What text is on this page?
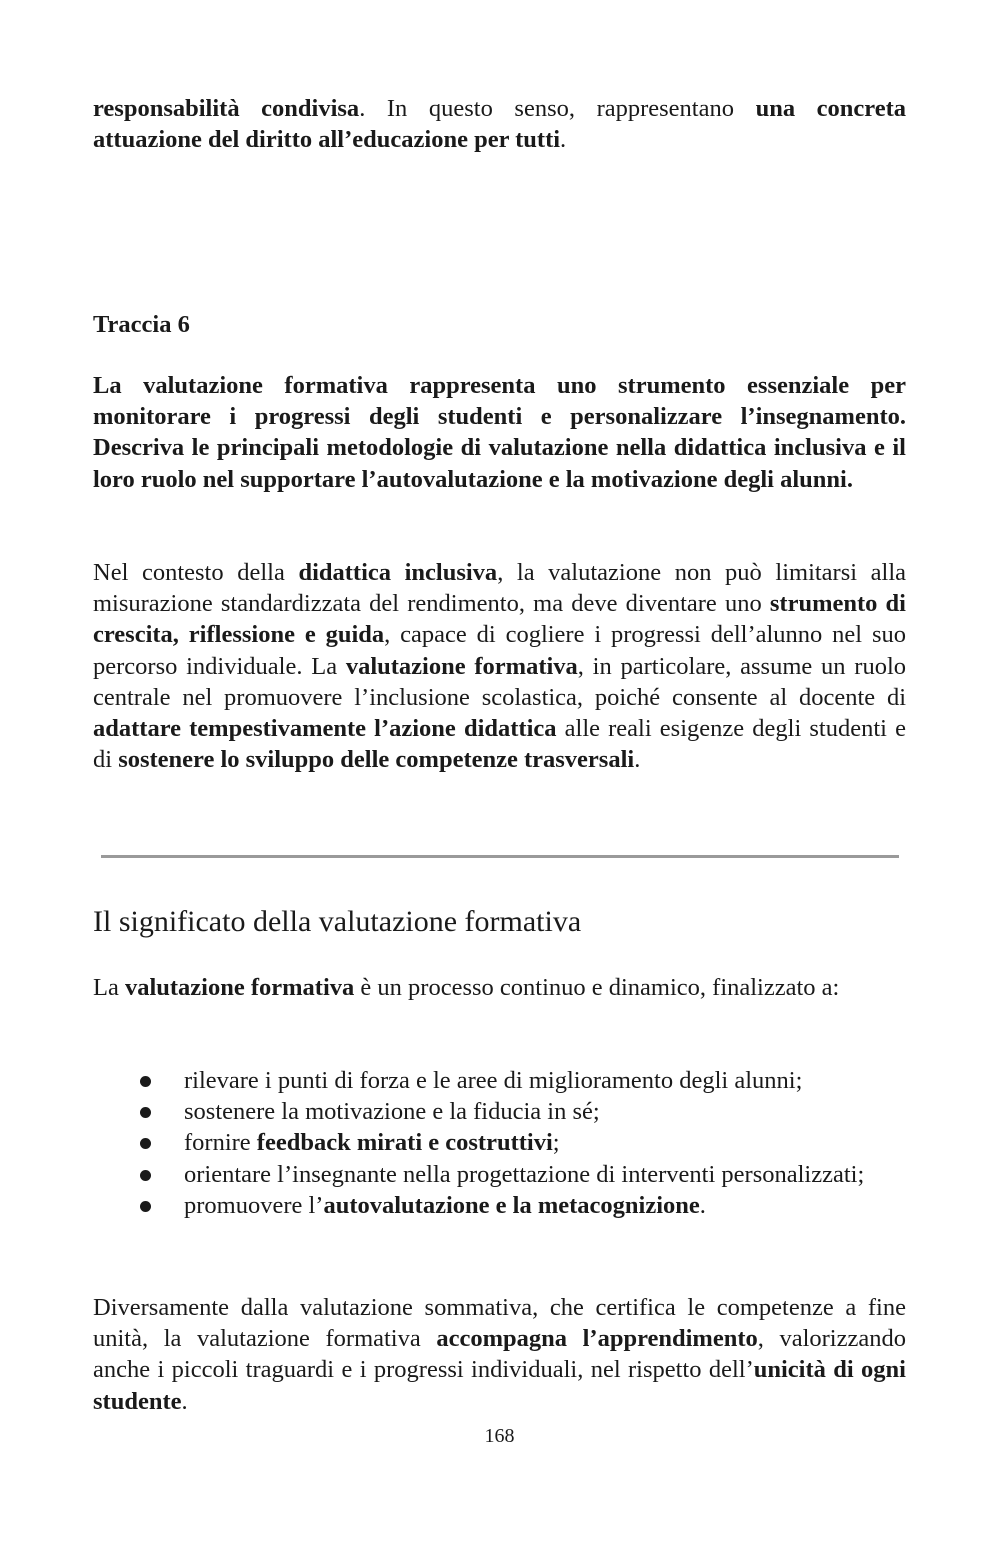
responsabilità condivisa. In questo senso, rappresentano una concreta attuazione del diritto all’educazione per tutti.

Traccia 6

La valutazione formativa rappresenta uno strumento essenziale per monitorare i progressi degli studenti e personalizzare l’insegnamento. Descriva le principali metodologie di valutazione nella didattica inclusiva e il loro ruolo nel supportare l’autovalutazione e la motivazione degli alunni.

Nel contesto della didattica inclusiva, la valutazione non può limitarsi alla misurazione standardizzata del rendimento, ma deve diventare uno strumento di crescita, riflessione e guida, capace di cogliere i progressi dell’alunno nel suo percorso individuale. La valutazione formativa, in particolare, assume un ruolo centrale nel promuovere l’inclusione scolastica, poiché consente al docente di adattare tempestivamente l’azione didattica alle reali esigenze degli studenti e di sostenere lo sviluppo delle competenze trasversali.

Il significato della valutazione formativa

La valutazione formativa è un processo continuo e dinamico, finalizzato a:

rilevare i punti di forza e le aree di miglioramento degli alunni;
sostenere la motivazione e la fiducia in sé;
fornire feedback mirati e costruttivi;
orientare l’insegnante nella progettazione di interventi personalizzati;
promuovere l’autovalutazione e la metacognizione.

Diversamente dalla valutazione sommativa, che certifica le competenze a fine unità, la valutazione formativa accompagna l’apprendimento, valorizzando anche i piccoli traguardi e i progressi individuali, nel rispetto dell’unicità di ogni studente.

168
